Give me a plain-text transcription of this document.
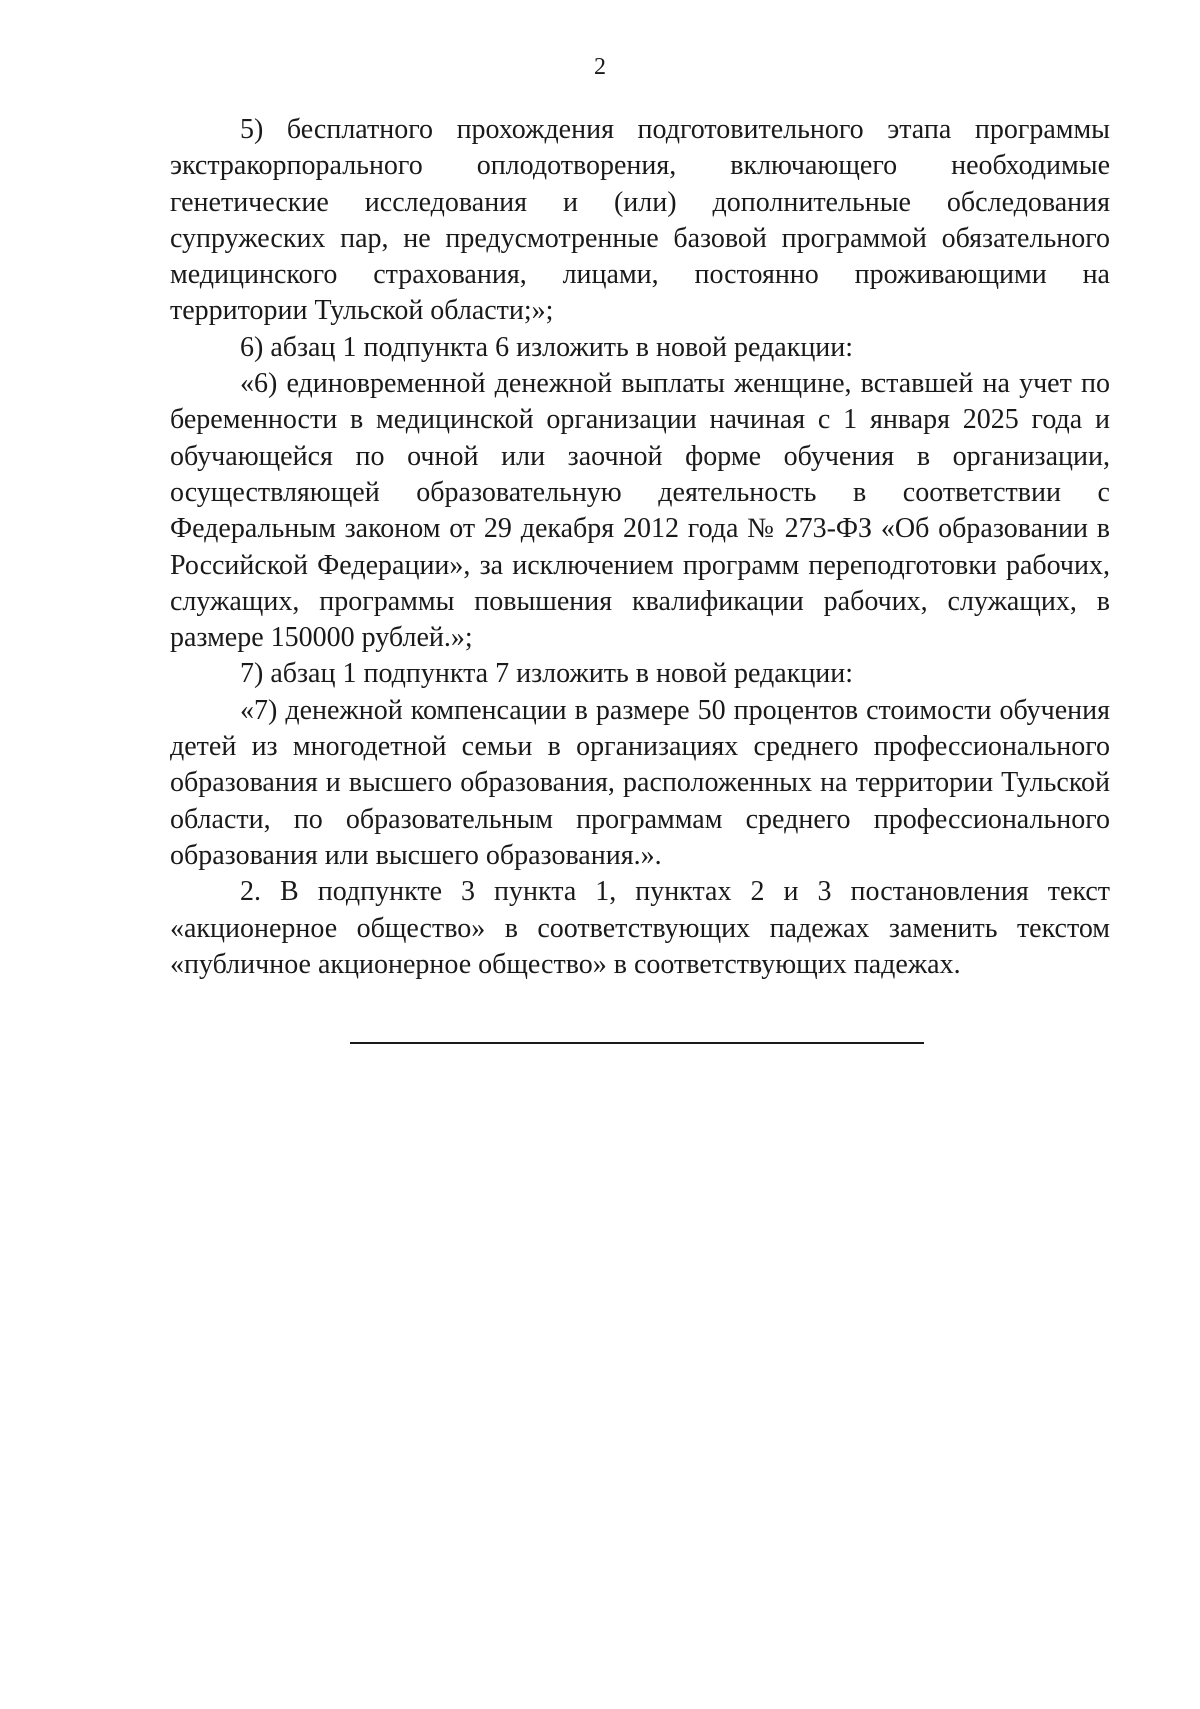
2

5) бесплатного прохождения подготовительного этапа программы экстракорпорального оплодотворения, включающего необходимые генетические исследования и (или) дополнительные обследования супружеских пар, не предусмотренные базовой программой обязательного медицинского страхования, лицами, постоянно проживающими на территории Тульской области;»;

6) абзац 1 подпункта 6 изложить в новой редакции:

«6) единовременной денежной выплаты женщине, вставшей на учет по беременности в медицинской организации начиная с 1 января 2025 года и обучающейся по очной или заочной форме обучения в организации, осуществляющей образовательную деятельность в соответствии с Федеральным законом от 29 декабря 2012 года № 273-ФЗ «Об образовании в Российской Федерации», за исключением программ переподготовки рабочих, служащих, программы повышения квалификации рабочих, служащих, в размере 150000 рублей.»;

7) абзац 1 подпункта 7 изложить в новой редакции:

«7) денежной компенсации в размере 50 процентов стоимости обучения детей из многодетной семьи в организациях среднего профессионального образования и высшего образования, расположенных на территории Тульской области, по образовательным программам среднего профессионального образования или высшего образования.».

2. В подпункте 3 пункта 1, пунктах 2 и 3 постановления текст «акционерное общество» в соответствующих падежах заменить текстом «публичное акционерное общество» в соответствующих падежах.
